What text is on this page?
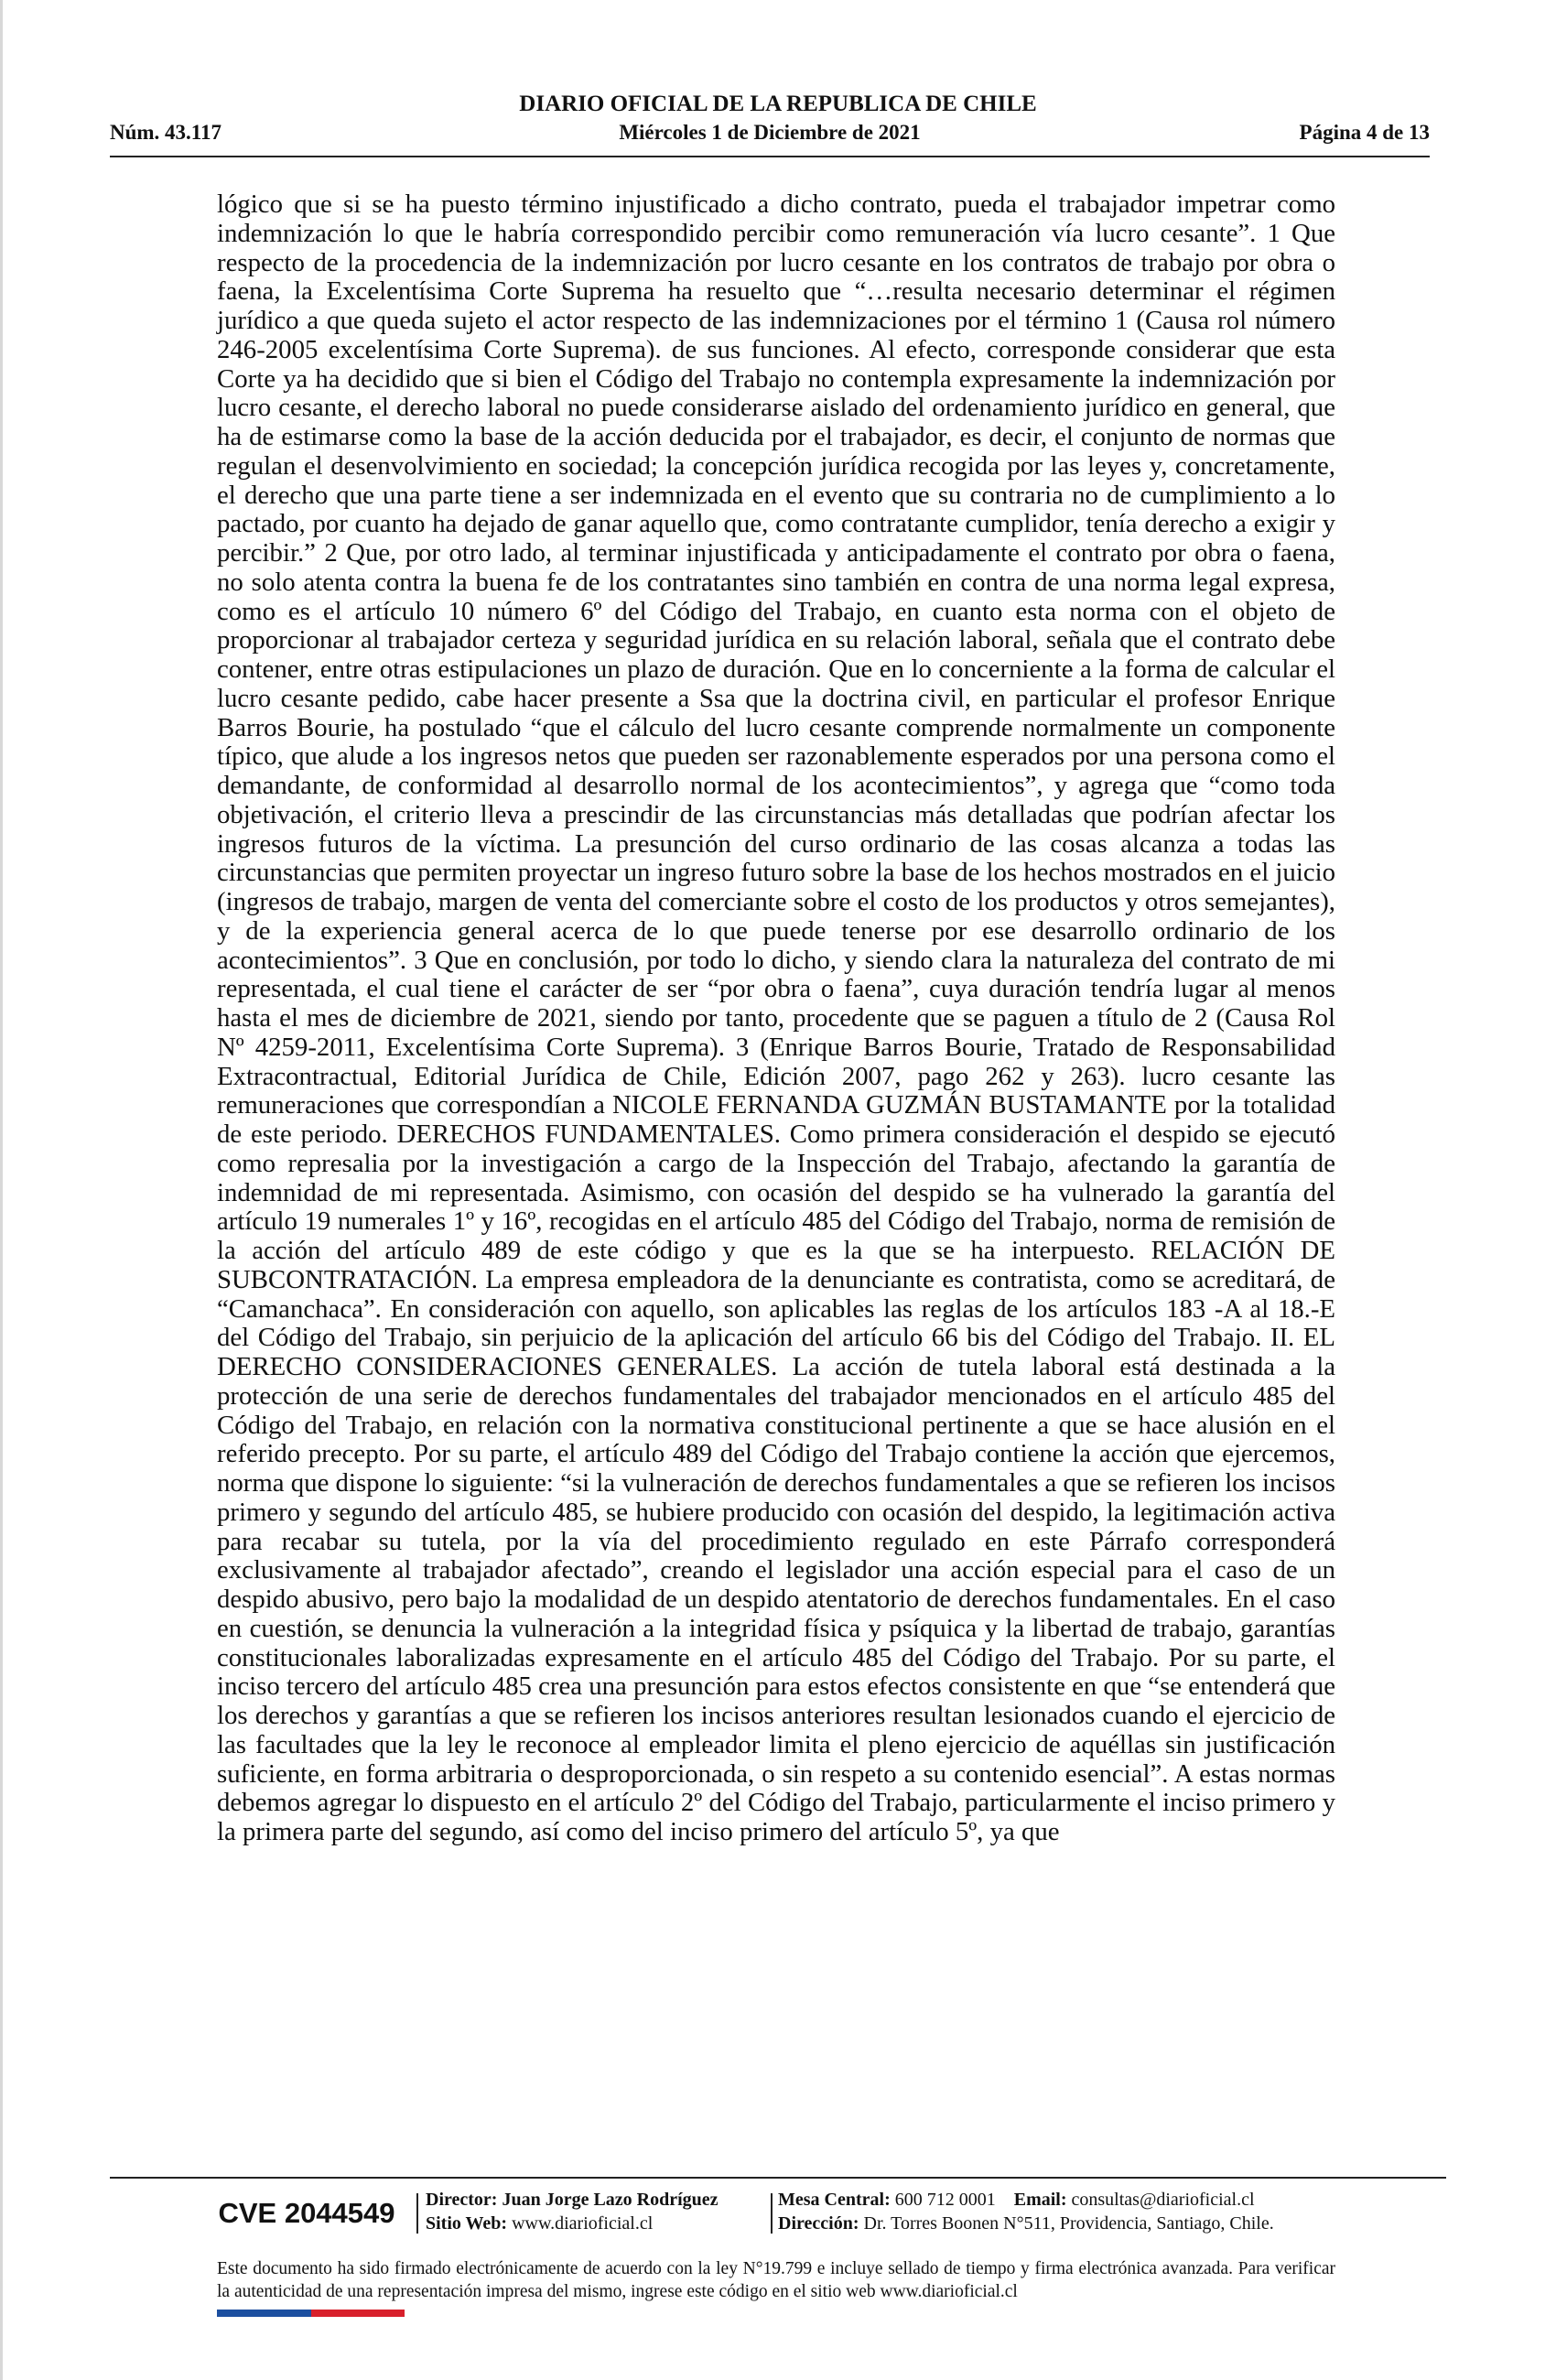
DIARIO OFICIAL DE LA REPUBLICA DE CHILE
Núm. 43.117	Miércoles 1 de Diciembre de 2021	Página 4 de 13
lógico que si se ha puesto término injustificado a dicho contrato, pueda el trabajador impetrar como indemnización lo que le habría correspondido percibir como remuneración vía lucro cesante”. 1 Que respecto de la procedencia de la indemnización por lucro cesante en los contratos de trabajo por obra o faena, la Excelentísima Corte Suprema ha resuelto que “…resulta necesario determinar el régimen jurídico a que queda sujeto el actor respecto de las indemnizaciones por el término 1 (Causa rol número 246-2005 excelentísima Corte Suprema). de sus funciones. Al efecto, corresponde considerar que esta Corte ya ha decidido que si bien el Código del Trabajo no contempla expresamente la indemnización por lucro cesante, el derecho laboral no puede considerarse aislado del ordenamiento jurídico en general, que ha de estimarse como la base de la acción deducida por el trabajador, es decir, el conjunto de normas que regulan el desenvolvimiento en sociedad; la concepción jurídica recogida por las leyes y, concretamente, el derecho que una parte tiene a ser indemnizada en el evento que su contraria no de cumplimiento a lo pactado, por cuanto ha dejado de ganar aquello que, como contratante cumplidor, tenía derecho a exigir y percibir.” 2 Que, por otro lado, al terminar injustificada y anticipadamente el contrato por obra o faena, no solo atenta contra la buena fe de los contratantes sino también en contra de una norma legal expresa, como es el artículo 10 número 6º del Código del Trabajo, en cuanto esta norma con el objeto de proporcionar al trabajador certeza y seguridad jurídica en su relación laboral, señala que el contrato debe contener, entre otras estipulaciones un plazo de duración. Que en lo concerniente a la forma de calcular el lucro cesante pedido, cabe hacer presente a Ssa que la doctrina civil, en particular el profesor Enrique Barros Bourie, ha postulado “que el cálculo del lucro cesante comprende normalmente un componente típico, que alude a los ingresos netos que pueden ser razonablemente esperados por una persona como el demandante, de conformidad al desarrollo normal de los acontecimientos”, y agrega que “como toda objetivación, el criterio lleva a prescindir de las circunstancias más detalladas que podrían afectar los ingresos futuros de la víctima. La presunción del curso ordinario de las cosas alcanza a todas las circunstancias que permiten proyectar un ingreso futuro sobre la base de los hechos mostrados en el juicio (ingresos de trabajo, margen de venta del comerciante sobre el costo de los productos y otros semejantes), y de la experiencia general acerca de lo que puede tenerse por ese desarrollo ordinario de los acontecimientos”. 3 Que en conclusión, por todo lo dicho, y siendo clara la naturaleza del contrato de mi representada, el cual tiene el carácter de ser “por obra o faena”, cuya duración tendría lugar al menos hasta el mes de diciembre de 2021, siendo por tanto, procedente que se paguen a título de 2 (Causa Rol Nº 4259-2011, Excelentísima Corte Suprema). 3 (Enrique Barros Bourie, Tratado de Responsabilidad Extracontractual, Editorial Jurídica de Chile, Edición 2007, pago 262 y 263). lucro cesante las remuneraciones que correspondían a NICOLE FERNANDA GUZMÁN BUSTAMANTE por la totalidad de este periodo. DERECHOS FUNDAMENTALES. Como primera consideración el despido se ejecutó como represalia por la investigación a cargo de la Inspección del Trabajo, afectando la garantía de indemnidad de mi representada. Asimismo, con ocasión del despido se ha vulnerado la garantía del artículo 19 numerales 1º y 16º, recogidas en el artículo 485 del Código del Trabajo, norma de remisión de la acción del artículo 489 de este código y que es la que se ha interpuesto. RELACIÓN DE SUBCONTRATACIÓN. La empresa empleadora de la denunciante es contratista, como se acreditará, de “Camanchaca”. En consideración con aquello, son aplicables las reglas de los artículos 183 -A al 18.-E del Código del Trabajo, sin perjuicio de la aplicación del artículo 66 bis del Código del Trabajo. II. EL DERECHO CONSIDERACIONES GENERALES. La acción de tutela laboral está destinada a la protección de una serie de derechos fundamentales del trabajador mencionados en el artículo 485 del Código del Trabajo, en relación con la normativa constitucional pertinente a que se hace alusión en el referido precepto. Por su parte, el artículo 489 del Código del Trabajo contiene la acción que ejercemos, norma que dispone lo siguiente: “si la vulneración de derechos fundamentales a que se refieren los incisos primero y segundo del artículo 485, se hubiere producido con ocasión del despido, la legitimación activa para recabar su tutela, por la vía del procedimiento regulado en este Párrafo corresponderá exclusivamente al trabajador afectado”, creando el legislador una acción especial para el caso de un despido abusivo, pero bajo la modalidad de un despido atentatorio de derechos fundamentales. En el caso en cuestión, se denuncia la vulneración a la integridad física y psíquica y la libertad de trabajo, garantías constitucionales laboralizadas expresamente en el artículo 485 del Código del Trabajo. Por su parte, el inciso tercero del artículo 485 crea una presunción para estos efectos consistente en que “se entenderá que los derechos y garantías a que se refieren los incisos anteriores resultan lesionados cuando el ejercicio de las facultades que la ley le reconoce al empleador limita el pleno ejercicio de aquéllas sin justificación suficiente, en forma arbitraria o desproporcionada, o sin respeto a su contenido esencial”. A estas normas debemos agregar lo dispuesto en el artículo 2º del Código del Trabajo, particularmente el inciso primero y la primera parte del segundo, así como del inciso primero del artículo 5º, ya que
CVE 2044549	Director: Juan Jorge Lazo Rodríguez
Sitio Web: www.diarioficial.cl
Mesa Central: 600 712 0001 Email: consultas@diarioficial.cl
Dirección: Dr. Torres Boonen N°511, Providencia, Santiago, Chile.
Este documento ha sido firmado electrónicamente de acuerdo con la ley N°19.799 e incluye sellado de tiempo y firma electrónica avanzada. Para verificar la autenticidad de una representación impresa del mismo, ingrese este código en el sitio web www.diarioficial.cl
